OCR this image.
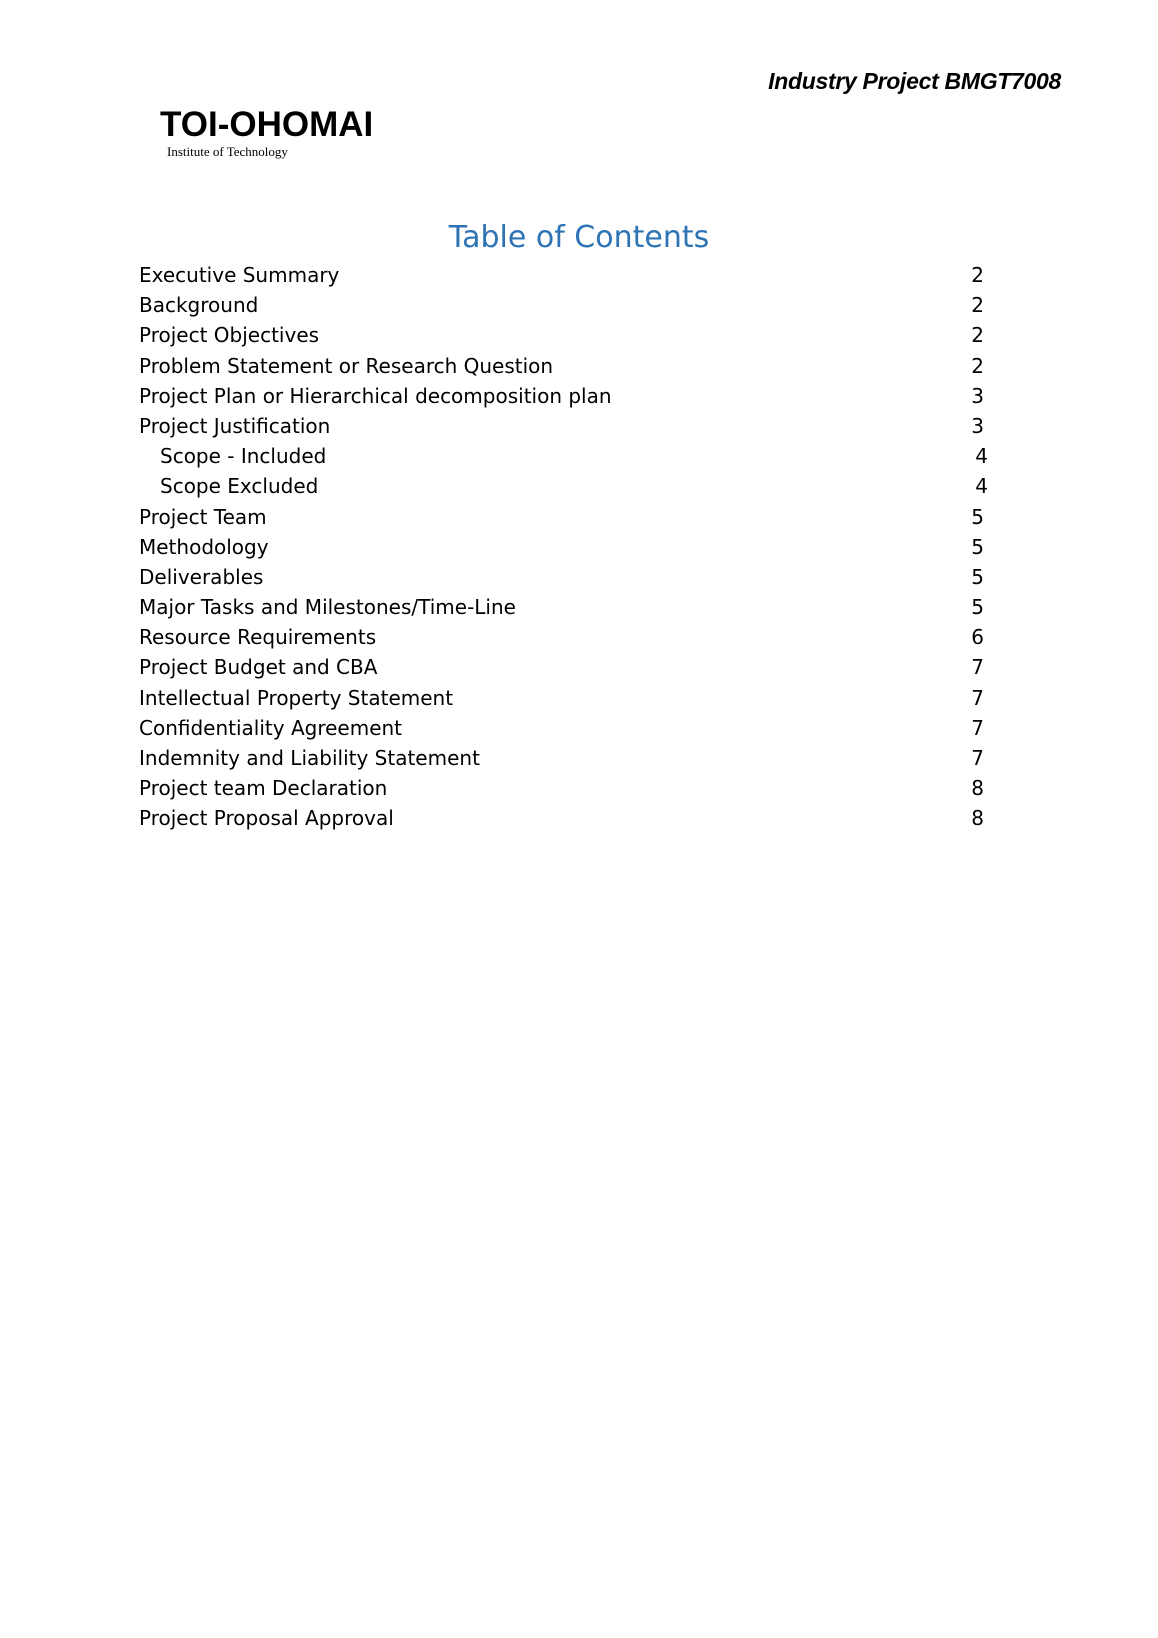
Industry Project BMGT7008
TOI-OHOMAI
Institute of Technology
Table of Contents
Executive Summary	2
Background	2
Project Objectives	2
Problem Statement or Research Question	2
Project Plan or Hierarchical decomposition plan	3
Project Justification	3
Scope - Included	4
Scope Excluded	4
Project Team	5
Methodology	5
Deliverables	5
Major Tasks and Milestones/Time-Line	5
Resource Requirements	6
Project Budget and CBA	7
Intellectual Property Statement	7
Confidentiality Agreement	7
Indemnity and Liability Statement	7
Project team Declaration	8
Project Proposal Approval	8
